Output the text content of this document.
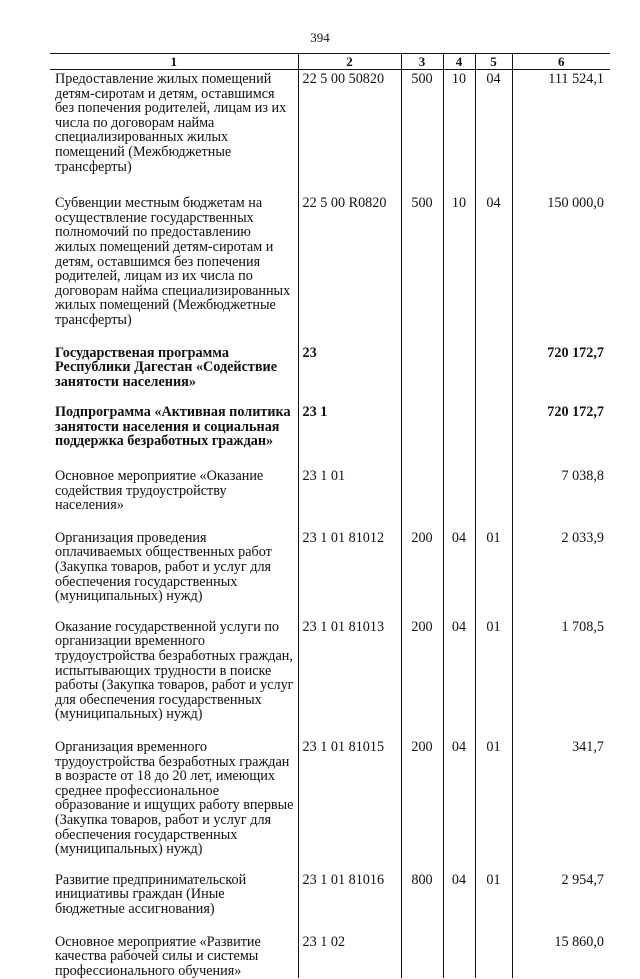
394
1	2	3	4	5	6
Предоставление жилых помещений детям-сиротам и детям, оставшимся без попечения родителей, лицам из их числа по договорам найма специализированных жилых помещений (Межбюджетные трансферты)	22 5 00 50820	500	10	04	111 524,1
Субвенции местным бюджетам на осуществление государственных полномочий по предоставлению жилых помещений детям-сиротам и детям, оставшимся без попечения родителей, лицам из их числа по договорам найма специализированных жилых помещений (Межбюджетные трансферты)	22 5 00 R0820	500	10	04	150 000,0
Государственая программа Республики Дагестан «Содействие занятости населения»	23				720 172,7
Подпрограмма «Активная политика занятости населения и социальная поддержка безработных граждан»	23 1				720 172,7
Основное мероприятие «Оказание содействия трудоустройству населения»	23 1 01				7 038,8
Организация проведения оплачиваемых общественных работ (Закупка товаров, работ и услуг для обеспечения государственных (муниципальных) нужд)	23 1 01 81012	200	04	01	2 033,9
Оказание государственной услуги по организации временного трудоустройства безработных граждан, испытывающих трудности в поиске работы (Закупка товаров, работ и услуг для обеспечения государственных (муниципальных) нужд)	23 1 01 81013	200	04	01	1 708,5
Организация временного трудоустройства безработных граждан в возрасте от 18 до 20 лет, имеющих среднее профессиональное образование и ищущих работу впервые (Закупка товаров, работ и услуг для обеспечения государственных (муниципальных) нужд)	23 1 01 81015	200	04	01	341,7
Развитие предпринимательской инициативы граждан (Иные бюджетные ассигнования)	23 1 01 81016	800	04	01	2 954,7
Основное мероприятие «Развитие качества рабочей силы и системы профессионального обучения»	23 1 02				15 860,0
